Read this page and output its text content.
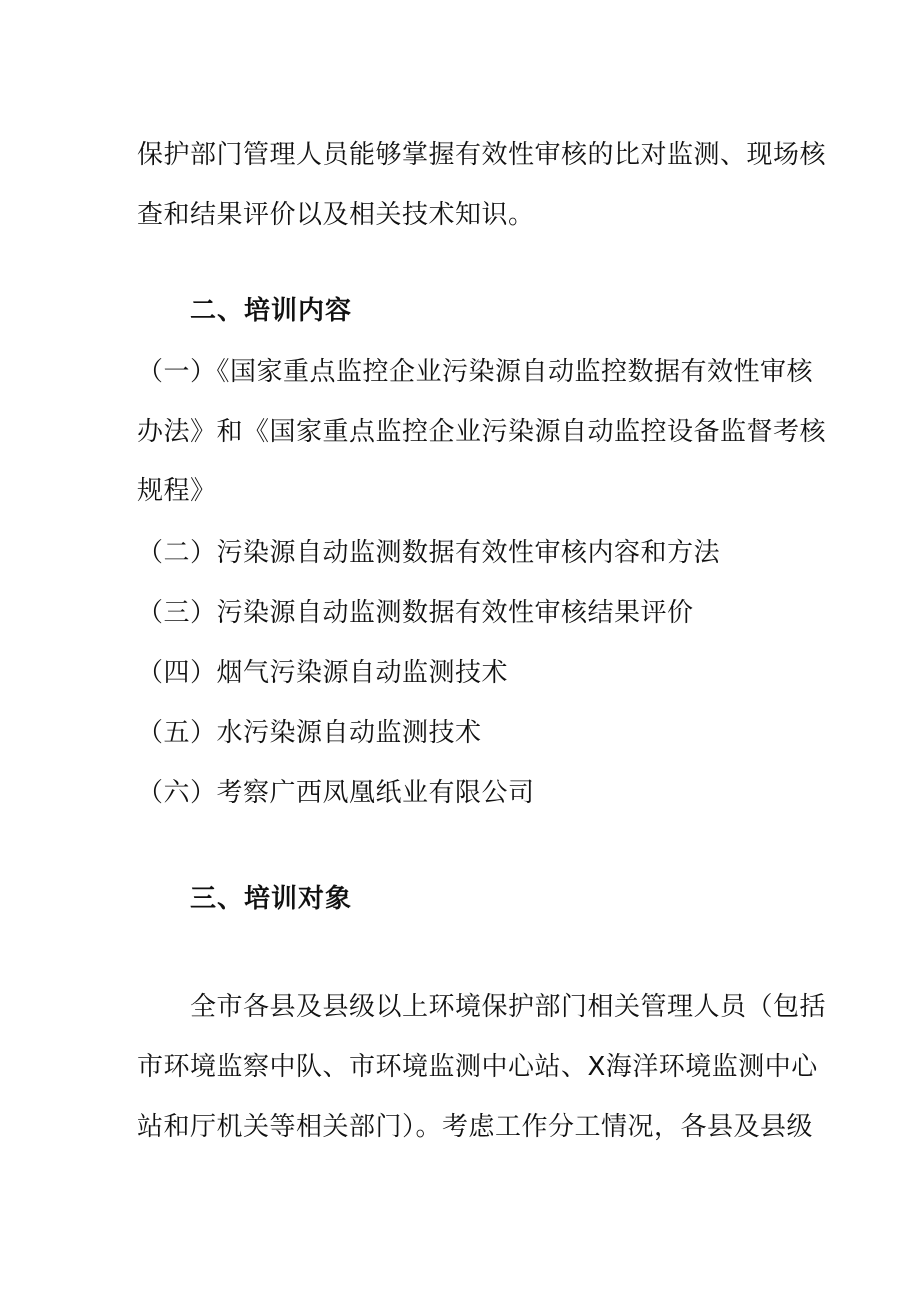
保护部门管理人员能够掌握有效性审核的比对监测、现场核
查和结果评价以及相关技术知识。
二、培训内容
（一）《国家重点监控企业污染源自动监控数据有效性审核
办法》和《国家重点监控企业污染源自动监控设备监督考核
规程》
（二）污染源自动监测数据有效性审核内容和方法
（三）污染源自动监测数据有效性审核结果评价
（四）烟气污染源自动监测技术
（五）水污染源自动监测技术
（六）考察广西凤凰纸业有限公司
三、培训对象
全市各县及县级以上环境保护部门相关管理人员（包括
市环境监察中队、市环境监测中心站、X海洋环境监测中心
站和厅机关等相关部门）。考虑工作分工情况，各县及县级
